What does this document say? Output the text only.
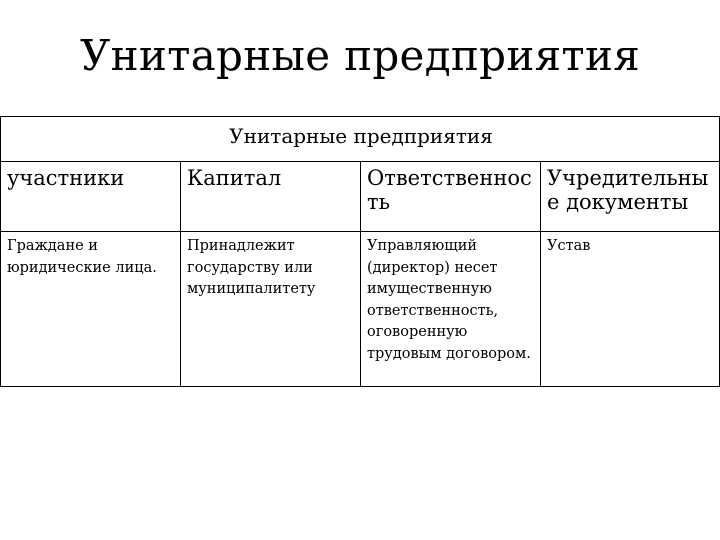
Унитарные предприятия
Унитарные предприятия			
участники	Капитал	Ответственнос ть	Учредительны е документы
Граждане и юридические лица.	Принадлежит государству или муниципалитету	Управляющий (директор) несет имущественную ответственность, оговоренную трудовым договором.	Устав
